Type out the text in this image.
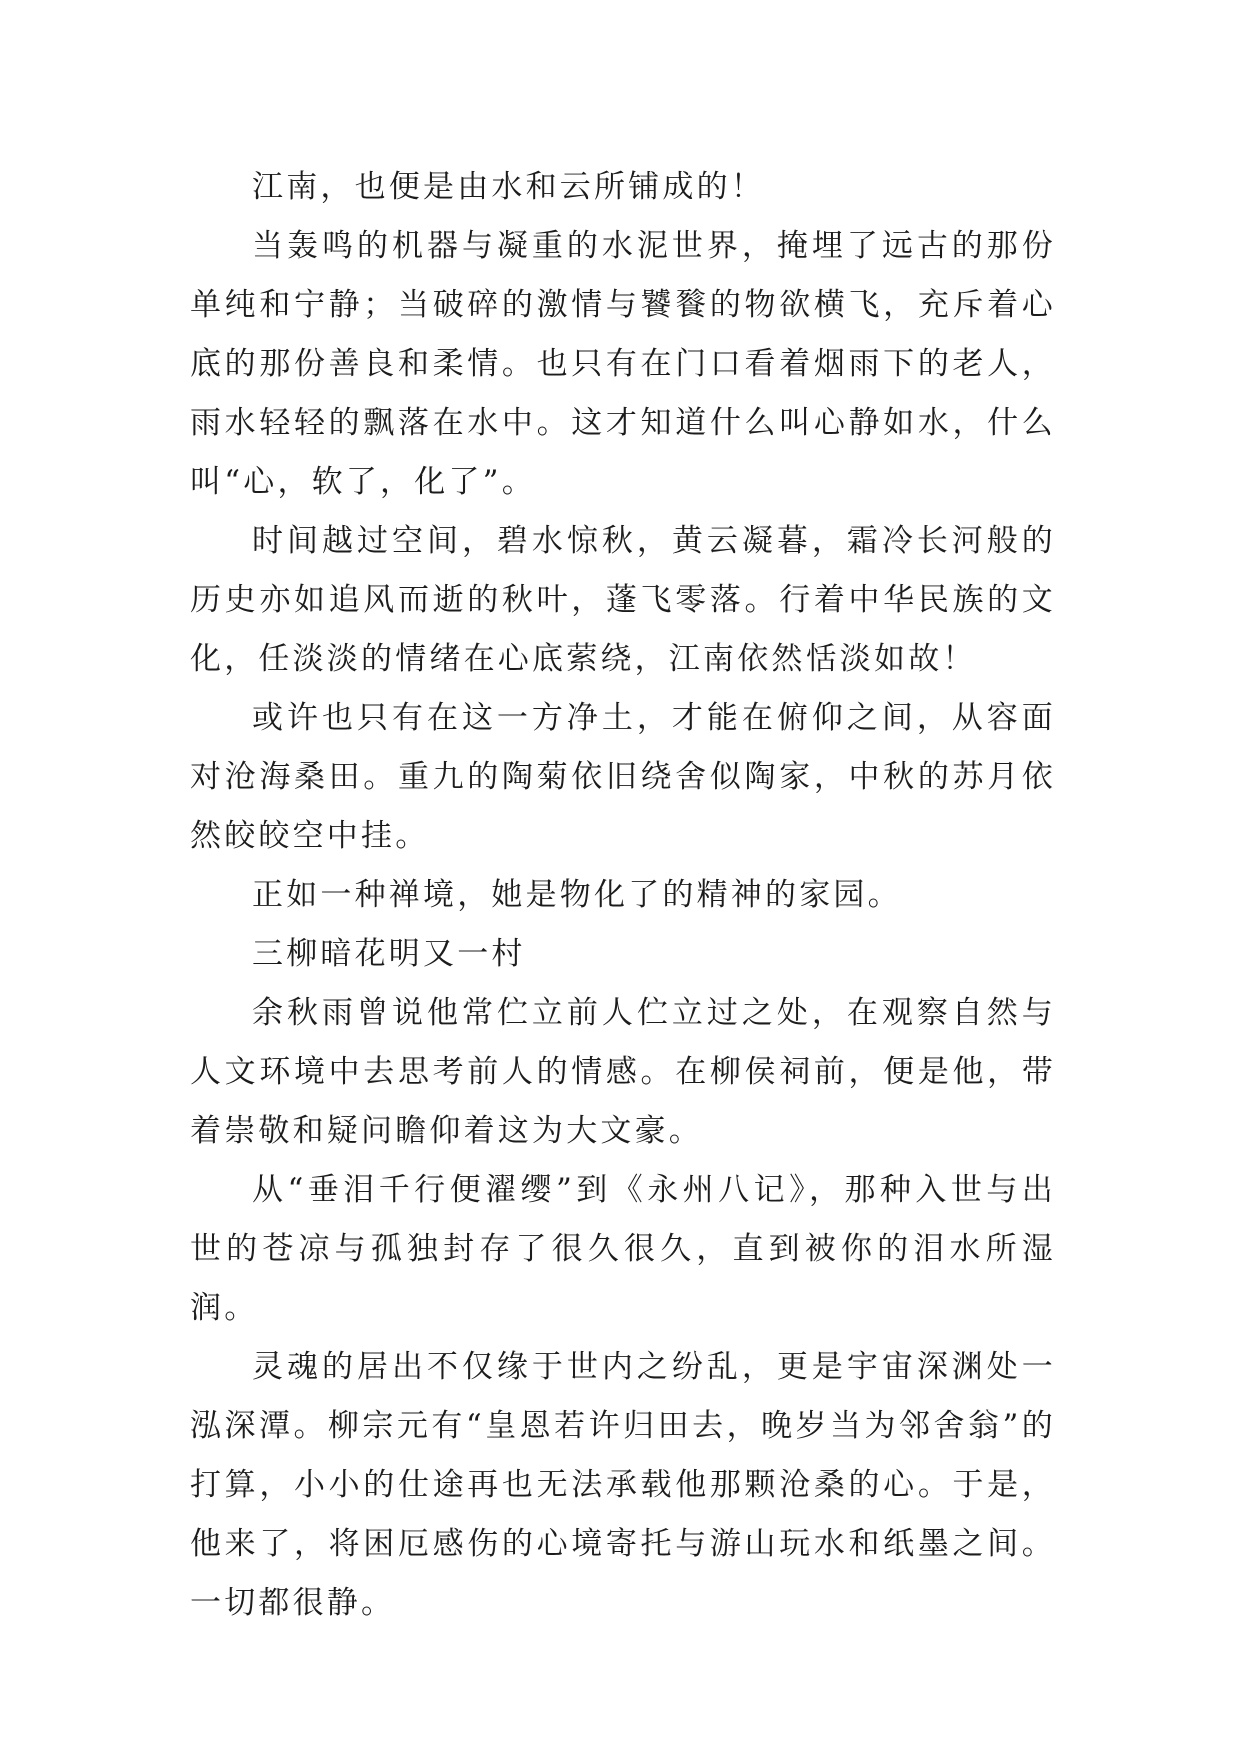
江南，也便是由水和云所铺成的！

当轰鸣的机器与凝重的水泥世界，掩埋了远古的那份单纯和宁静；当破碎的激情与饕餮的物欲横飞，充斥着心底的那份善良和柔情。也只有在门口看着烟雨下的老人，雨水轻轻的飘落在水中。这才知道什么叫心静如水，什么叫“心，软了，化了”。

时间越过空间，碧水惊秋，黄云凝暮，霜冷长河般的历史亦如追风而逝的秋叶，蓬飞零落。行着中华民族的文化，任淡淡的情绪在心底萦绕，江南依然恬淡如故！

或许也只有在这一方净土，才能在俯仰之间，从容面对沧海桑田。重九的陶菊依旧绕舍似陶家，中秋的苏月依然皎皎空中挂。

正如一种禅境，她是物化了的精神的家园。

三柳暗花明又一村

余秋雨曾说他常伫立前人伫立过之处，在观察自然与人文环境中去思考前人的情感。在柳侯祠前，便是他，带着崇敬和疑问瞻仰着这为大文豪。

从“垂泪千行便濯缨”到《永州八记》，那种入世与出世的苍凉与孤独封存了很久很久，直到被你的泪水所湿润。

灵魂的居出不仅缘于世内之纷乱，更是宇宙深渊处一泓深潭。柳宗元有“皇恩若许归田去，晚岁当为邻舍翁”的打算，小小的仕途再也无法承载他那颗沧桑的心。于是，他来了，将困厄感伤的心境寄托与游山玩水和纸墨之间。一切都很静。
